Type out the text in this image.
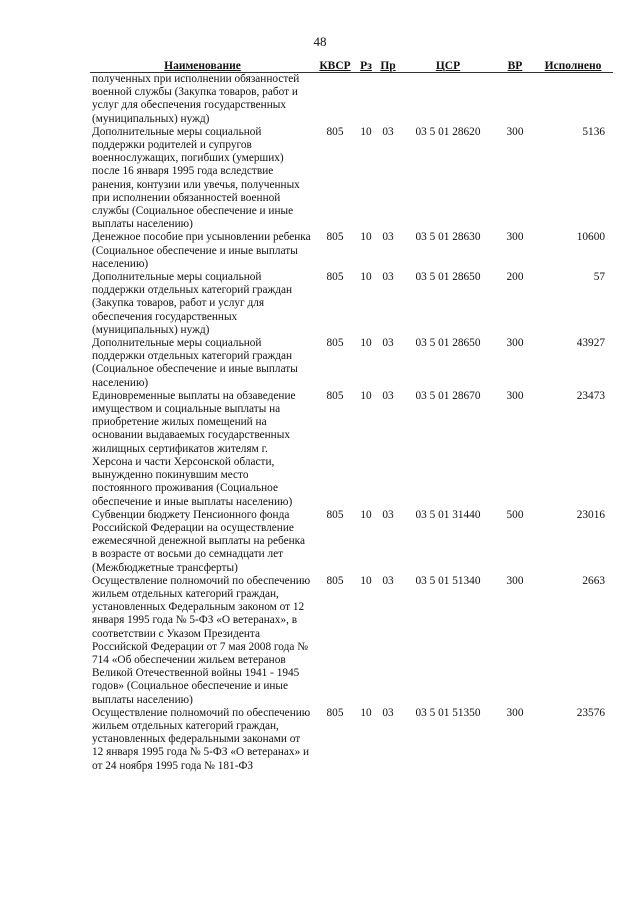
48
Наименование	КВСР	Рз	Пр	ЦСР	ВР	Исполнено
полученных при исполнении обязанностей военной службы (Закупка товаров, работ и услуг для обеспечения государственных (муниципальных) нужд)						
Дополнительные меры социальной поддержки родителей и супругов военнослужащих, погибших (умерших) после 16 января 1995 года вследствие ранения, контузии или увечья, полученных при исполнении обязанностей военной службы (Социальное обеспечение и иные выплаты населению)	805	10	03	03 5 01 28620	300	5136
Денежное пособие при усыновлении ребенка (Социальное обеспечение и иные выплаты населению)	805	10	03	03 5 01 28630	300	10600
Дополнительные меры социальной поддержки отдельных категорий граждан (Закупка товаров, работ и услуг для обеспечения государственных (муниципальных) нужд)	805	10	03	03 5 01 28650	200	57
Дополнительные меры социальной поддержки отдельных категорий граждан (Социальное обеспечение и иные выплаты населению)	805	10	03	03 5 01 28650	300	43927
Единовременные выплаты на обзаведение имуществом и социальные выплаты на приобретение жилых помещений на основании выдаваемых государственных жилищных сертификатов жителям г. Херсона и части Херсонской области, вынужденно покинувшим место постоянного проживания (Социальное обеспечение и иные выплаты населению)	805	10	03	03 5 01 28670	300	23473
Субвенции бюджету Пенсионного фонда Российской Федерации на осуществление ежемесячной денежной выплаты на ребенка в возрасте от восьми до семнадцати лет (Межбюджетные трансферты)	805	10	03	03 5 01 31440	500	23016
Осуществление полномочий по обеспечению жильем отдельных категорий граждан, установленных Федеральным законом от 12 января 1995 года № 5-ФЗ «О ветеранах», в соответствии с Указом Президента Российской Федерации от 7 мая 2008 года № 714 «Об обеспечении жильем ветеранов Великой Отечественной войны 1941 - 1945 годов» (Социальное обеспечение и иные выплаты населению)	805	10	03	03 5 01 51340	300	2663
Осуществление полномочий по обеспечению жильем отдельных категорий граждан, установленных федеральными законами от 12 января 1995 года № 5-ФЗ «О ветеранах» и от 24 ноября 1995 года № 181-ФЗ	805	10	03	03 5 01 51350	300	23576
